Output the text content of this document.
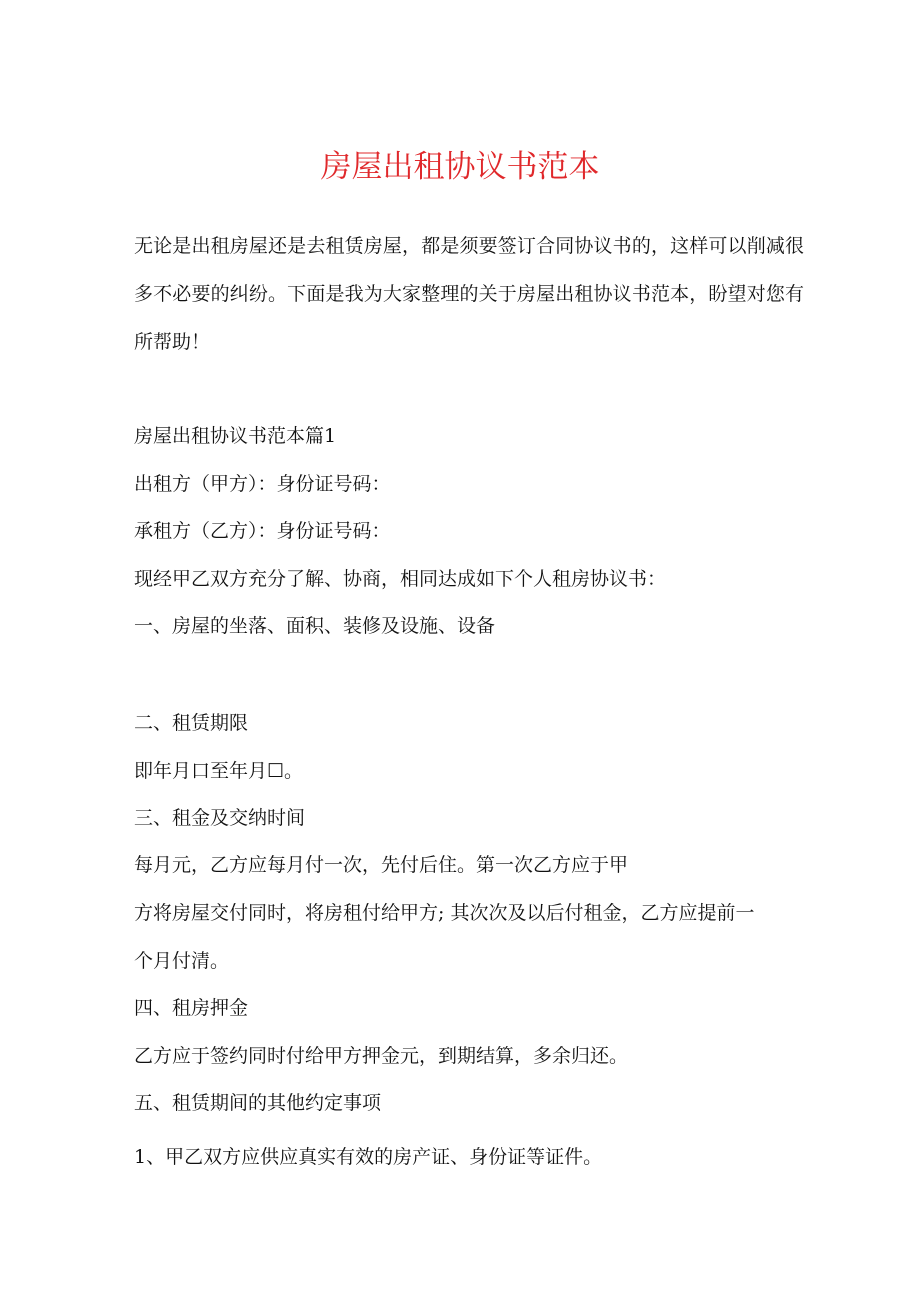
房屋出租协议书范本

无论是出租房屋还是去租赁房屋，都是须要签订合同协议书的，这样可以削减很多不必要的纠纷。下面是我为大家整理的关于房屋出租协议书范本，盼望对您有所帮助！

房屋出租协议书范本篇1

出租方（甲方）：身份证号码：

承租方（乙方）：身份证号码：

现经甲乙双方充分了解、协商，相同达成如下个人租房协议书：

一、房屋的坐落、面积、装修及设施、设备

二、租赁期限

即年月口至年月☐。

三、租金及交纳时间

每月元，乙方应每月付一次，先付后住。第一次乙方应于甲

方将房屋交付同时，将房租付给甲方; 其次次及以后付租金，乙方应提前一

个月付清。

四、租房押金

乙方应于签约同时付给甲方押金元，到期结算，多余归还。

五、租赁期间的其他约定事项

1、甲乙双方应供应真实有效的房产证、身份证等证件。
